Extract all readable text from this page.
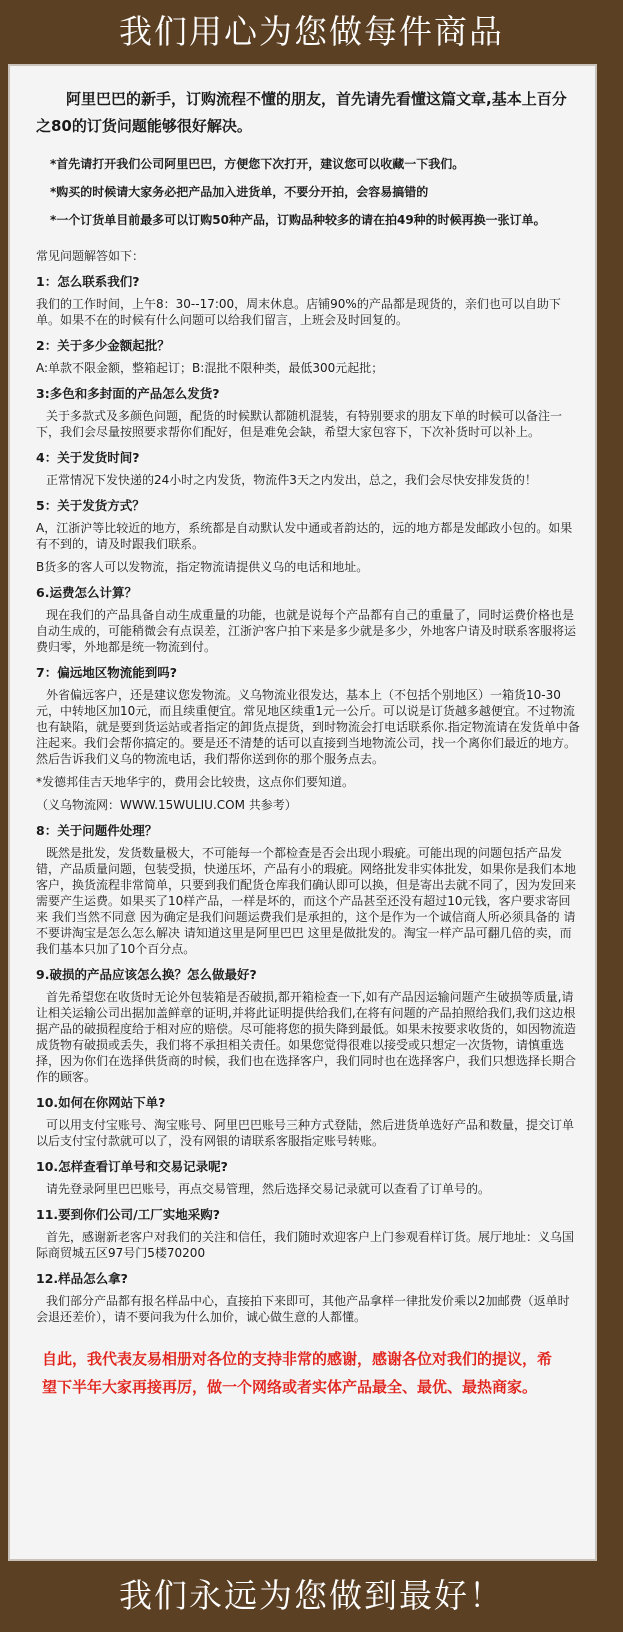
我们用心为您做每件商品

阿里巴巴的新手，订购流程不懂的朋友，首先请先看懂这篇文章,基本上百分之80的订货问题能够很好解决。

*首先请打开我们公司阿里巴巴，方便您下次打开，建议您可以收藏一下我们。

*购买的时候请大家务必把产品加入进货单，不要分开拍，会容易搞错的

*一个订货单目前最多可以订购50种产品，订购品种较多的请在拍49种的时候再换一张订单。

常见问题解答如下：

1：怎么联系我们?

我们的工作时间，上午8：30--17:00，周末休息。店铺90%的产品都是现货的，亲们也可以自助下单。如果不在的时候有什么问题可以给我们留言，上班会及时回复的。

2：关于多少金额起批？

A:单款不限金额，整箱起订；B:混批不限种类，最低300元起批；

3:多色和多封面的产品怎么发货?

关于多款式及多颜色问题，配货的时候默认都随机混装，有特别要求的朋友下单的时候可以备注一下，我们会尽量按照要求帮你们配好，但是难免会缺，希望大家包容下，下次补货时可以补上。

4：关于发货时间?

正常情况下发快递的24小时之内发货，物流件3天之内发出，总之，我们会尽快安排发货的！

5：关于发货方式？

A，江浙沪等比较近的地方，系统都是自动默认发中通或者韵达的，远的地方都是发邮政小包的。如果有不到的，请及时跟我们联系。

B货多的客人可以发物流，指定物流请提供义乌的电话和地址。

6.运费怎么计算？

现在我们的产品具备自动生成重量的功能，也就是说每个产品都有自己的重量了，同时运费价格也是自动生成的，可能稍微会有点误差，江浙沪客户拍下来是多少就是多少，外地客户请及时联系客服将运费归零，外地都是统一物流到付。

7：偏远地区物流能到吗?

外省偏远客户，还是建议您发物流。义乌物流业很发达，基本上（不包括个别地区）一箱货10-30元，中转地区加10元，而且续重便宜。常见地区续重1元一公斤。可以说是订货越多越便宜。不过物流也有缺陷，就是要到货运站或者指定的卸货点提货，到时物流会打电话联系你.指定物流请在发货单中备注起来。我们会帮你搞定的。要是还不清楚的话可以直接到当地物流公司，找一个离你们最近的地方。然后告诉我们义乌的物流电话，我们帮你送到你的那个服务点去。

*发德邦佳吉天地华宇的，费用会比较贵，这点你们要知道。

（义乌物流网：WWW.15WULIU.COM 共参考）

8：关于问题件处理？

既然是批发，发货数量极大，不可能每一个都检查是否会出现小瑕疵。可能出现的问题包括产品发错，产品质量问题，包装受损，快递压坏，产品有小的瑕疵。网络批发非实体批发，如果你是我们本地客户，换货流程非常简单，只要到我们配货仓库我们确认即可以换，但是寄出去就不同了，因为发回来需要产生运费。如果买了10样产品，一样是坏的，而这个产品甚至还没有超过10元钱，客户要求寄回来 我们当然不同意 因为确定是我们问题运费我们是承担的，这个是作为一个诚信商人所必须具备的 请不要讲淘宝是怎么怎么解决 请知道这里是阿里巴巴 这里是做批发的。淘宝一样产品可翻几倍的卖，而我们基本只加了10个百分点。

9.破损的产品应该怎么换？怎么做最好?

首先希望您在收货时无论外包装箱是否破损,都开箱检查一下,如有产品因运输问题产生破损等质量,请让相关运输公司出据加盖鲜章的证明,并将此证明提供给我们,在将有问题的产品拍照给我们,我们这边根据产品的破损程度给于相对应的赔偿。尽可能将您的损失降到最低。如果未按要求收货的，如因物流造成货物有破损或丢失，我们将不承担相关责任。如果您觉得很难以接受或只想定一次货物，请慎重选择，因为你们在选择供货商的时候，我们也在选择客户，我们同时也在选择客户，我们只想选择长期合作的顾客。

10.如何在你网站下单?

可以用支付宝账号、淘宝账号、阿里巴巴账号三种方式登陆，然后进货单选好产品和数量，提交订单以后支付宝付款就可以了，没有网银的请联系客服指定账号转账。

10.怎样查看订单号和交易记录呢?

请先登录阿里巴巴账号，再点交易管理，然后选择交易记录就可以查看了订单号的。

11.要到你们公司/工厂实地采购?

首先，感谢新老客户对我们的关注和信任，我们随时欢迎客户上门参观看样订货。展厅地址：义乌国际商贸城五区97号门5楼70200

12.样品怎么拿?

我们部分产品都有报名样品中心，直接拍下来即可，其他产品拿样一律批发价乘以2加邮费（返单时会退还差价），请不要问我为什么加价，诚心做生意的人都懂。

自此，我代表友易相册对各位的支持非常的感谢，感谢各位对我们的提议，希望下半年大家再接再厉，做一个网络或者实体产品最全、最优、最热商家。

我们永远为您做到最好！
